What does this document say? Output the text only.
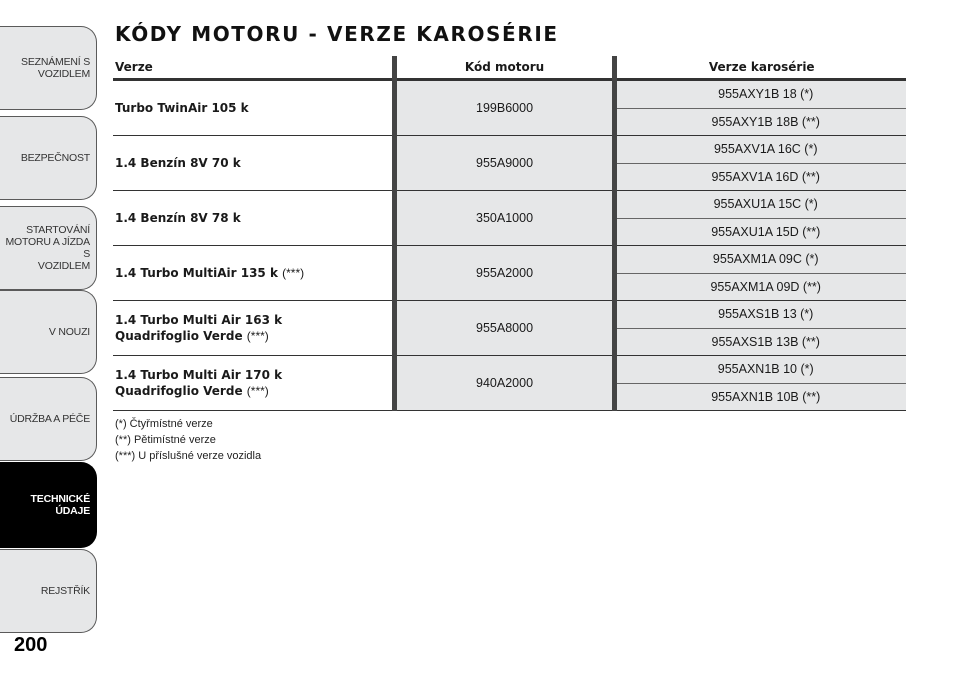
SEZNÁMENÍ S
VOZIDLEM
BEZPEČNOST
STARTOVÁNÍ
MOTORU A JÍZDA S
VOZIDLEM
V NOUZI
ÚDRŽBA A PÉČE
TECHNICKÉ ÚDAJE
REJSTŘÍK
200
KÓDY MOTORU - VERZE KAROSÉRIE
Verze	Kód motoru	Verze karosérie
Turbo TwinAir 105 k	199B6000	955AXY1B 18 (*)

		955AXY1B 18B (**)

1.4 Benzín 8V 70 k	955A9000	955AXV1A 16C (*)

		955AXV1A 16D (**)

1.4 Benzín 8V 78 k	350A1000	955AXU1A 15C (*)

		955AXU1A 15D (**)

1.4 Turbo MultiAir 135 k (***)	955A2000	955AXM1A 09C (*)

		955AXM1A 09D (**)

1.4 Turbo Multi Air 163 k
Quadrifoglio Verde (***)	955A8000	955AXS1B 13 (*)

		955AXS1B 13B (**)

1.4 Turbo Multi Air 170 k
Quadrifoglio Verde (***)	940A2000	955AXN1B 10 (*)

		955AXN1B 10B (**)
(*) Čtyřmístné verze
(**) Pětimístné verze
(***) U příslušné verze vozidla
